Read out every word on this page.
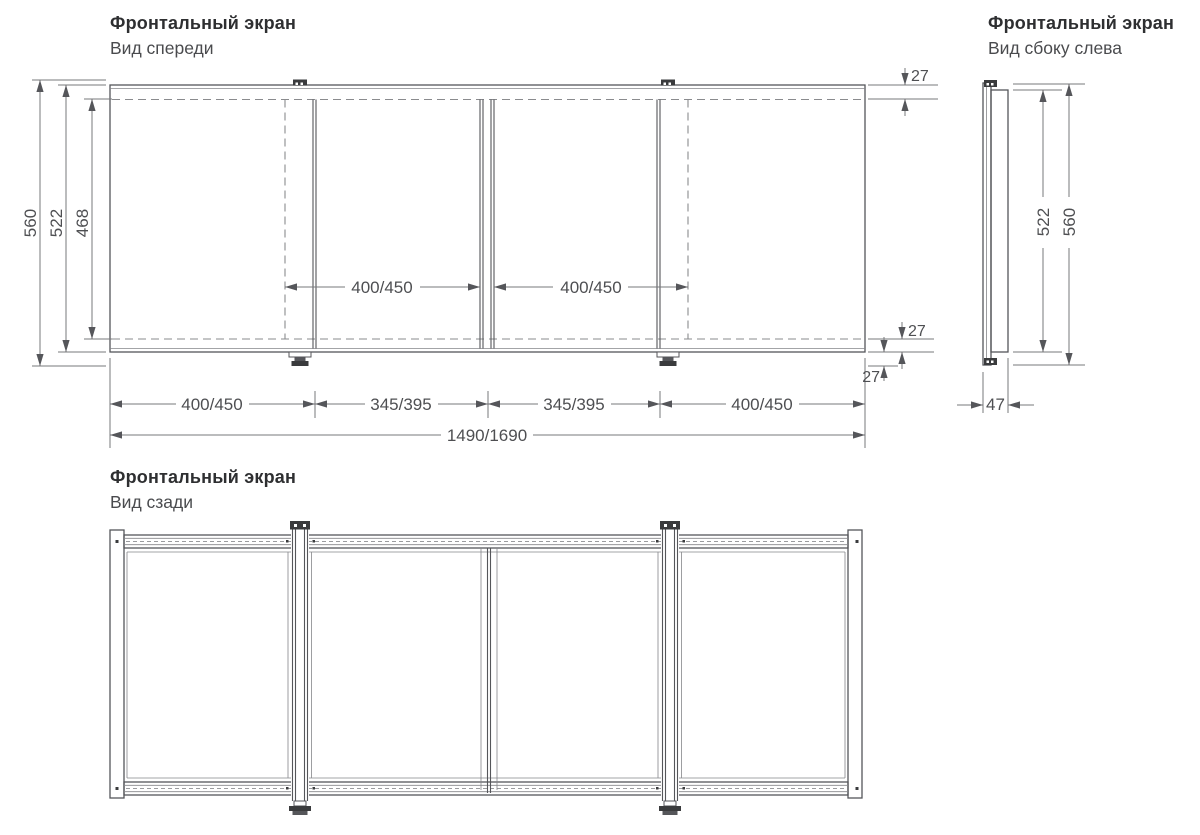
Фронтальный экран
Вид спереди
Фронтальный экран
Вид сбоку слева
Фронтальный экран
Вид сзади
560 522 468
27
400/450	400/450
400/450	345/395	345/395	400/450
1490/1690
27
27
522 560
47
